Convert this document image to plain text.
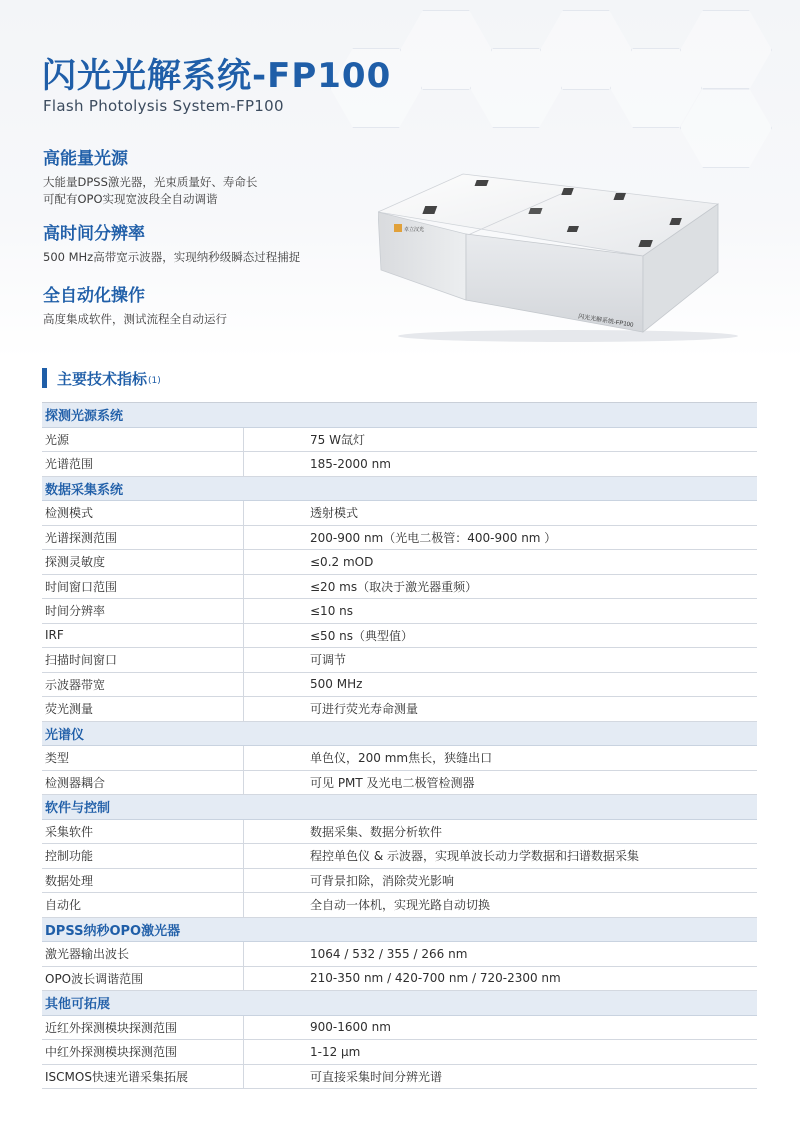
闪光光解系统-FP100

Flash Photolysis System-FP100

高能量光源

大能量DPSS激光器，光束质量好、寿命长
可配有OPO实现宽波段全自动调谐

高时间分辨率

500 MHz高带宽示波器，实现纳秒级瞬态过程捕捉

全自动化操作

高度集成软件，测试流程全自动运行

卓立汉光
闪光光解系统-FP100
主要技术指标 (1)
探测光源系统	
光源	75 W氙灯
光谱范围	185-2000 nm
数据采集系统	
检测模式	透射模式
光谱探测范围	200-900 nm（光电二极管：400-900 nm ）
探测灵敏度	≤0.2 mOD
时间窗口范围	≤20 ms（取决于激光器重频）
时间分辨率	≤10 ns
IRF	≤50 ns（典型值）
扫描时间窗口	可调节
示波器带宽	500 MHz
荧光测量	可进行荧光寿命测量
光谱仪	
类型	单色仪，200 mm焦长，狭缝出口
检测器耦合	可见 PMT 及光电二极管检测器
软件与控制	
采集软件	数据采集、数据分析软件
控制功能	程控单色仪 & 示波器，实现单波长动力学数据和扫谱数据采集
数据处理	可背景扣除，消除荧光影响
自动化	全自动一体机，实现光路自动切换
DPSS纳秒OPO激光器	
激光器输出波长	1064 / 532 / 355 / 266 nm
OPO波长调谐范围	210-350 nm / 420-700 nm / 720-2300 nm
其他可拓展	
近红外探测模块探测范围	900-1600 nm
中红外探测模块探测范围	1-12 μm
ISCMOS快速光谱采集拓展	可直接采集时间分辨光谱
